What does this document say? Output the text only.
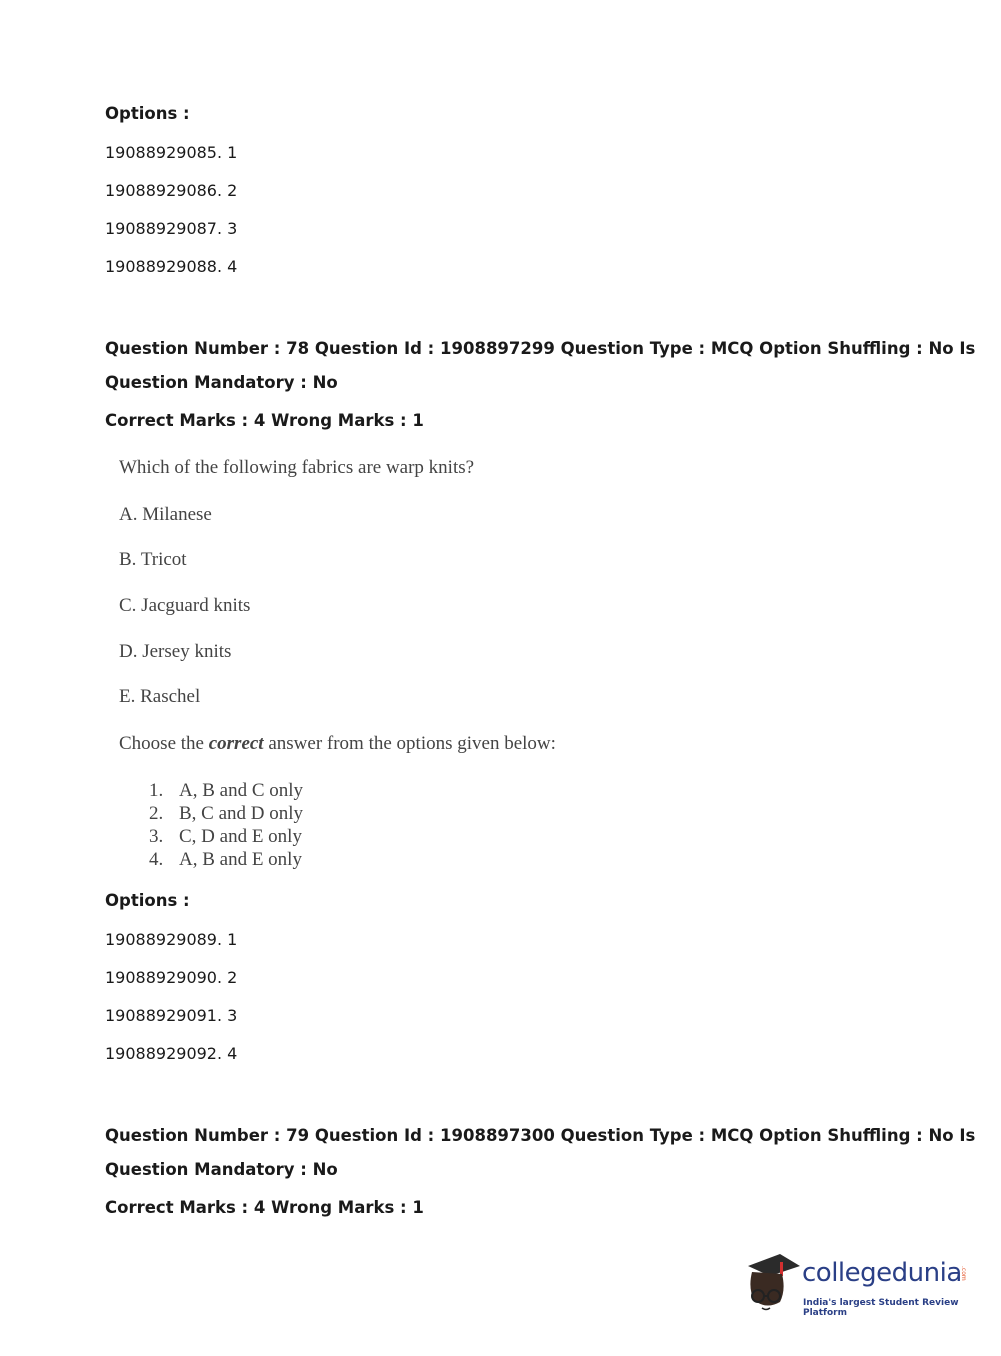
Options :
19088929085. 1
19088929086. 2
19088929087. 3
19088929088. 4
Question Number : 78 Question Id : 1908897299 Question Type : MCQ Option Shuffling : No Is
Question Mandatory : No
Correct Marks : 4 Wrong Marks : 1
Which of the following fabrics are warp knits?
A. Milanese
B. Tricot
C. Jacguard knits
D. Jersey knits
E. Raschel
Choose the correct answer from the options given below:
1. A, B and C only
2. B, C and D only
3. C, D and E only
4. A, B and E only
Options :
19088929089. 1
19088929090. 2
19088929091. 3
19088929092. 4
Question Number : 79 Question Id : 1908897300 Question Type : MCQ Option Shuffling : No Is
Question Mandatory : No
Correct Marks : 4 Wrong Marks : 1
collegedunia
.com
India's largest Student Review Platform
